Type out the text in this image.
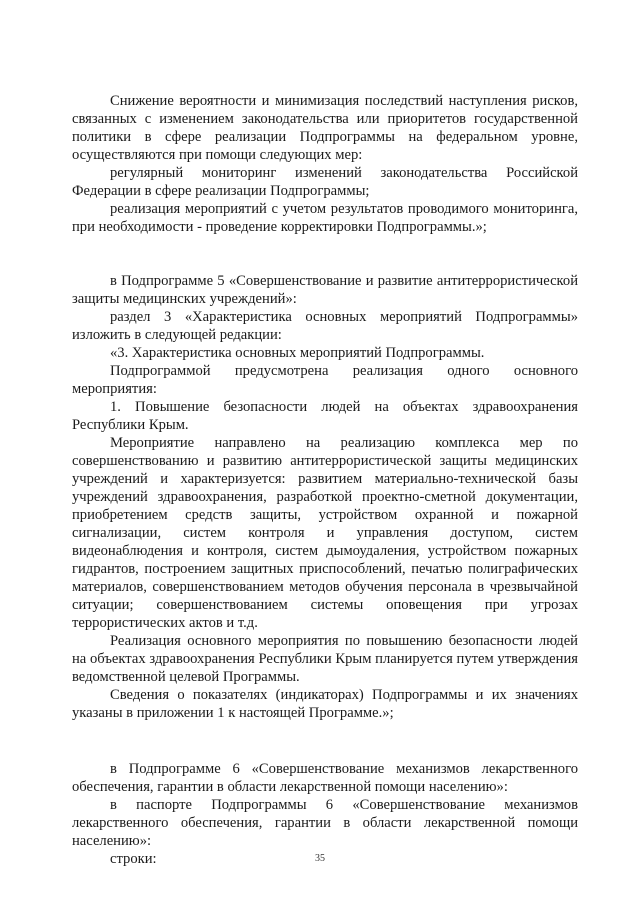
Снижение вероятности и минимизация последствий наступления рисков, связанных с изменением законодательства или приоритетов государственной политики в сфере реализации Подпрограммы на федеральном уровне, осуществляются при помощи следующих мер:

регулярный мониторинг изменений законодательства Российской Федерации в сфере реализации Подпрограммы;

реализация мероприятий с учетом результатов проводимого мониторинга, при необходимости - проведение корректировки Подпрограммы.»;

в Подпрограмме 5 «Совершенствование и развитие антитеррористической защиты медицинских учреждений»:

раздел 3 «Характеристика основных мероприятий Подпрограммы» изложить в следующей редакции:

«3. Характеристика основных мероприятий Подпрограммы.

Подпрограммой предусмотрена реализация одного основного мероприятия:

1. Повышение безопасности людей на объектах здравоохранения Республики Крым.

Мероприятие направлено на реализацию комплекса мер по совершенствованию и развитию антитеррористической защиты медицинских учреждений и характеризуется: развитием материально-технической базы учреждений здравоохранения, разработкой проектно-сметной документации, приобретением средств защиты, устройством охранной и пожарной сигнализации, систем контроля и управления доступом, систем видеонаблюдения и контроля, систем дымоудаления, устройством пожарных гидрантов, построением защитных приспособлений, печатью полиграфических материалов, совершенствованием методов обучения персонала в чрезвычайной ситуации; совершенствованием системы оповещения при угрозах террористических актов и т.д.

Реализация основного мероприятия по повышению безопасности людей на объектах здравоохранения Республики Крым планируется путем утверждения ведомственной целевой Программы.

Сведения о показателях (индикаторах) Подпрограммы и их значениях указаны в приложении 1 к настоящей Программе.»;

в Подпрограмме 6 «Совершенствование механизмов лекарственного обеспечения, гарантии в области лекарственной помощи населению»:

в паспорте Подпрограммы 6 «Совершенствование механизмов лекарственного обеспечения, гарантии в области лекарственной помощи населению»:

строки:	35
